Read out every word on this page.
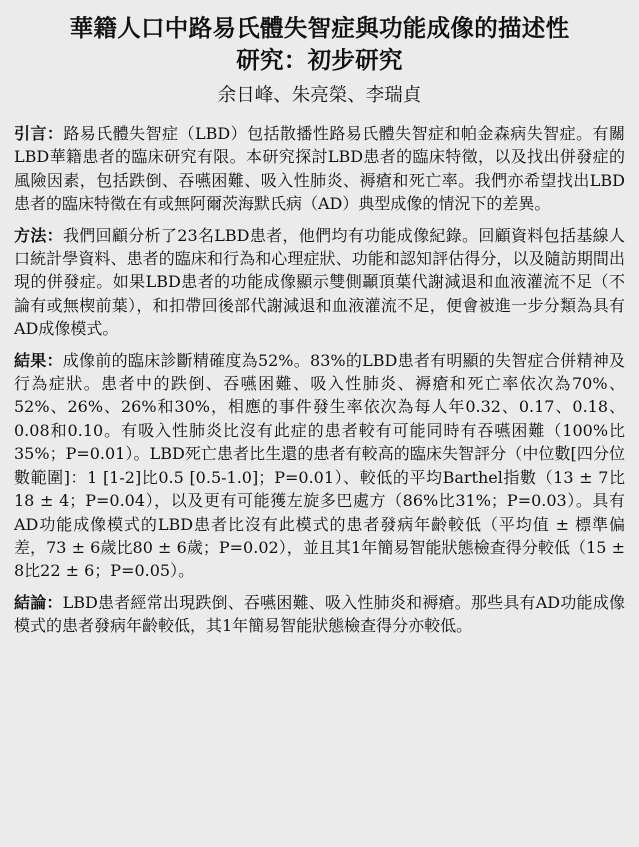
華籍人口中路易氏體失智症與功能成像的描述性
研究：初步研究
余日峰、朱亮榮、李瑞貞

引言：路易氏體失智症（LBD）包括散播性路易氏體失智症和帕金森病失智症。有關LBD華籍患者的臨床研究有限。本研究探討LBD患者的臨床特徵，以及找出併發症的風險因素，包括跌倒、吞嚥困難、吸入性肺炎、褥瘡和死亡率。我們亦希望找出LBD患者的臨床特徵在有或無阿爾茨海默氏病（AD）典型成像的情況下的差異。

方法：我們回顧分析了23名LBD患者，他們均有功能成像紀錄。回顧資料包括基線人口統計學資料、患者的臨床和行為和心理症狀、功能和認知評估得分，以及隨訪期間出現的併發症。如果LBD患者的功能成像顯示雙側顳頂葉代謝減退和血液灌流不足（不論有或無楔前葉），和扣帶回後部代謝減退和血液灌流不足，便會被進一步分類為具有AD成像模式。

結果：成像前的臨床診斷精確度為52%。83%的LBD患者有明顯的失智症合併精神及行為症狀。患者中的跌倒、吞嚥困難、吸入性肺炎、褥瘡和死亡率依次為70%、52%、26%、26%和30%，相應的事件發生率依次為每人年0.32、0.17、0.18、0.08和0.10。有吸入性肺炎比沒有此症的患者較有可能同時有吞嚥困難（100%比35%；P=0.01）。LBD死亡患者比生還的患者有較高的臨床失智評分（中位數[四分位數範圍]：1 [1-2]比0.5 [0.5-1.0]；P=0.01）、較低的平均Barthel指數（13 ± 7比18 ± 4；P=0.04），以及更有可能獲左旋多巴處方（86%比31%；P=0.03）。具有AD功能成像模式的LBD患者比沒有此模式的患者發病年齡較低（平均值 ± 標準偏差，73 ± 6歲比80 ± 6歲；P=0.02），並且其1年簡易智能狀態檢查得分較低（15 ± 8比22 ± 6；P=0.05）。

結論：LBD患者經常出現跌倒、吞嚥困難、吸入性肺炎和褥瘡。那些具有AD功能成像模式的患者發病年齡較低，其1年簡易智能狀態檢查得分亦較低。
